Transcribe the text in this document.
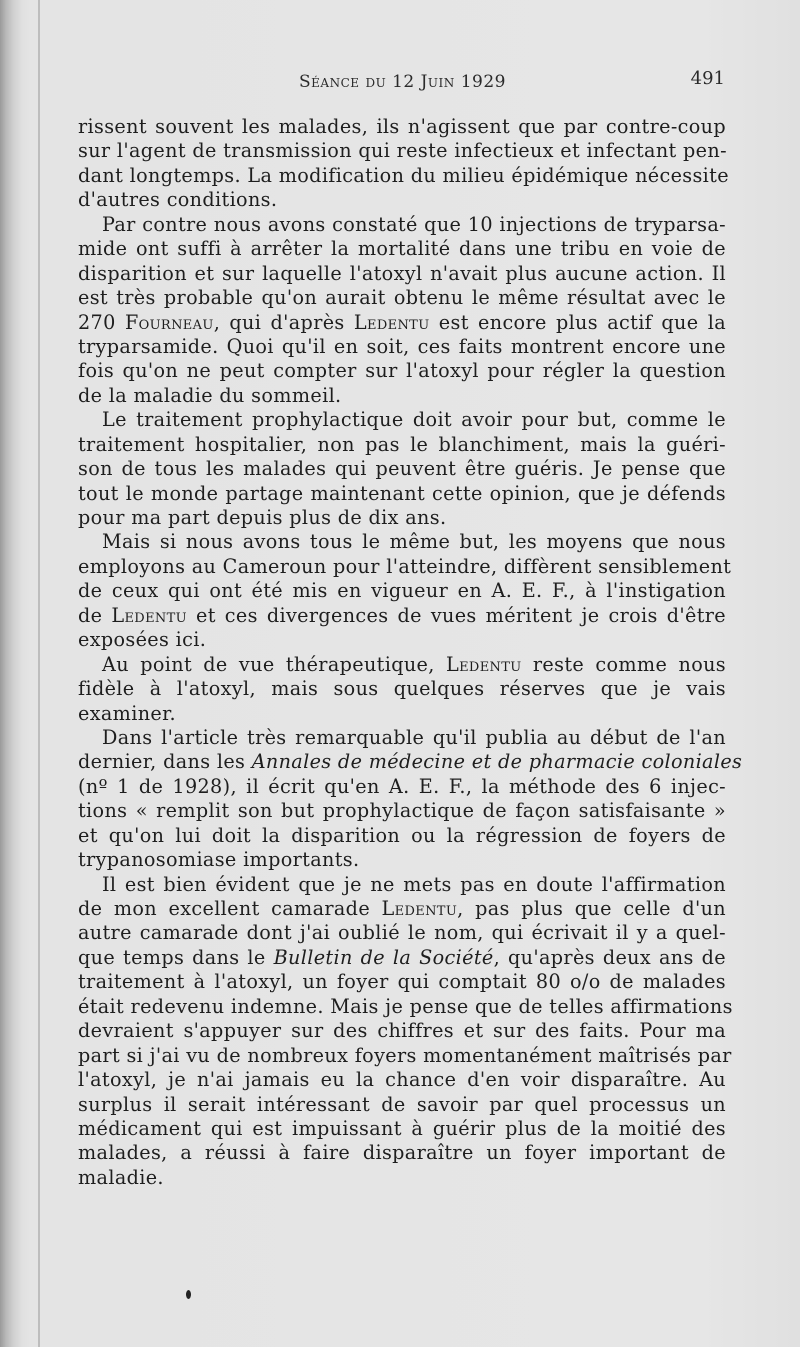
Séance du 12 Juin 1929	491
rissent souvent les malades, ils n'agissent que par contre-coup
sur l'agent de transmission qui reste infectieux et infectant pen-
dant longtemps. La modification du milieu épidémique nécessite
d'autres conditions.
Par contre nous avons constaté que 10 injections de tryparsa-
mide ont suffi à arrêter la mortalité dans une tribu en voie de
disparition et sur laquelle l'atoxyl n'avait plus aucune action. Il
est très probable qu'on aurait obtenu le même résultat avec le
270 Fourneau, qui d'après Ledentu est encore plus actif que la
tryparsamide. Quoi qu'il en soit, ces faits montrent encore une
fois qu'on ne peut compter sur l'atoxyl pour régler la question
de la maladie du sommeil.
Le traitement prophylactique doit avoir pour but, comme le
traitement hospitalier, non pas le blanchiment, mais la guéri-
son de tous les malades qui peuvent être guéris. Je pense que
tout le monde partage maintenant cette opinion, que je défends
pour ma part depuis plus de dix ans.
Mais si nous avons tous le même but, les moyens que nous
employons au Cameroun pour l'atteindre, diffèrent sensiblement
de ceux qui ont été mis en vigueur en A. E. F., à l'instigation
de Ledentu et ces divergences de vues méritent je crois d'être
exposées ici.
Au point de vue thérapeutique, Ledentu reste comme nous
fidèle à l'atoxyl, mais sous quelques réserves que je vais
examiner.
Dans l'article très remarquable qu'il publia au début de l'an
dernier, dans les Annales de médecine et de pharmacie coloniales
(nº 1 de 1928), il écrit qu'en A. E. F., la méthode des 6 injec-
tions « remplit son but prophylactique de façon satisfaisante »
et qu'on lui doit la disparition ou la régression de foyers de
trypanosomiase importants.
Il est bien évident que je ne mets pas en doute l'affirmation
de mon excellent camarade Ledentu, pas plus que celle d'un
autre camarade dont j'ai oublié le nom, qui écrivait il y a quel-
que temps dans le Bulletin de la Société, qu'après deux ans de
traitement à l'atoxyl, un foyer qui comptait 80 o/o de malades
était redevenu indemne. Mais je pense que de telles affirmations
devraient s'appuyer sur des chiffres et sur des faits. Pour ma
part si j'ai vu de nombreux foyers momentanément maîtrisés par
l'atoxyl, je n'ai jamais eu la chance d'en voir disparaître. Au
surplus il serait intéressant de savoir par quel processus un
médicament qui est impuissant à guérir plus de la moitié des
malades, a réussi à faire disparaître un foyer important de
maladie.
